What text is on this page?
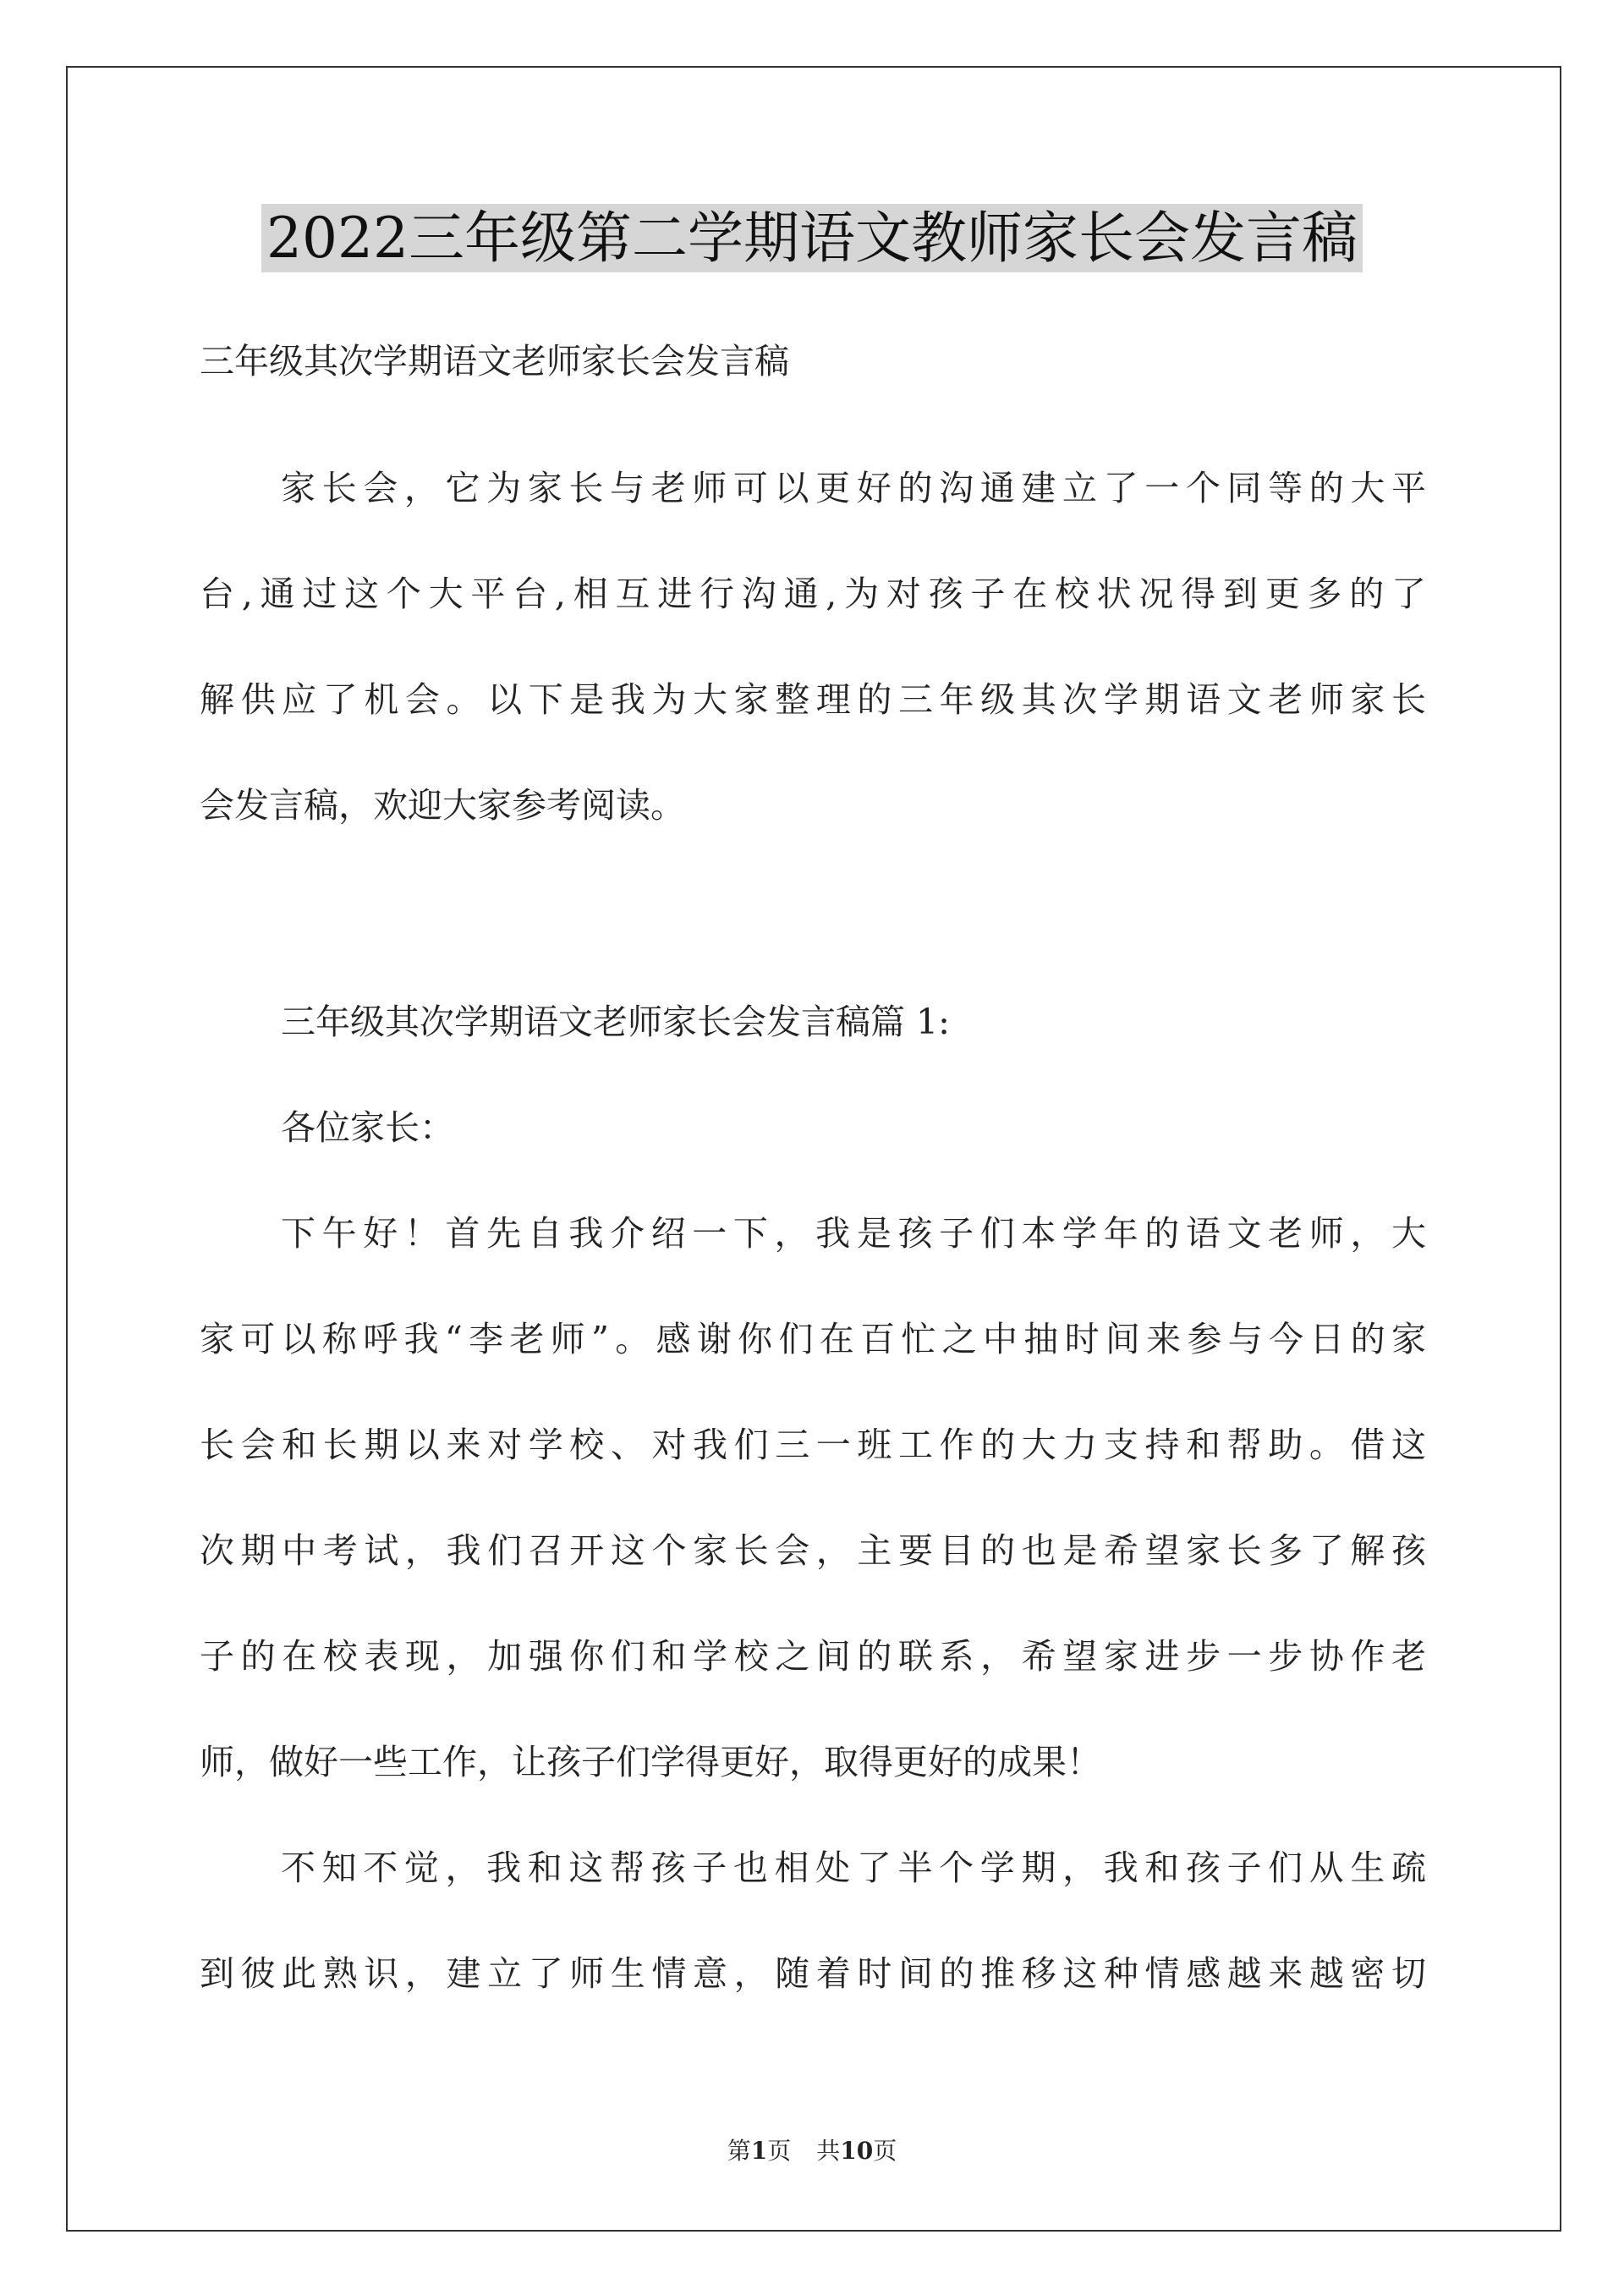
2022三年级第二学期语文教师家长会发言稿
三年级其次学期语文老师家长会发言稿
家长会，它为家长与老师可以更好的沟通建立了一个同等的大平
台,通过这个大平台,相互进行沟通,为对孩子在校状况得到更多的了
解供应了机会。以下是我为大家整理的三年级其次学期语文老师家长
会发言稿，欢迎大家参考阅读。
三年级其次学期语文老师家长会发言稿篇 1:
各位家长：
下午好！首先自我介绍一下，我是孩子们本学年的语文老师，大
家可以称呼我“李老师”。感谢你们在百忙之中抽时间来参与今日的家
长会和长期以来对学校、对我们三一班工作的大力支持和帮助。借这
次期中考试，我们召开这个家长会，主要目的也是希望家长多了解孩
子的在校表现，加强你们和学校之间的联系，希望家进步一步协作老
师，做好一些工作，让孩子们学得更好，取得更好的成果！
不知不觉，我和这帮孩子也相处了半个学期，我和孩子们从生疏
到彼此熟识，建立了师生情意，随着时间的推移这种情感越来越密切
第1页 共10页
